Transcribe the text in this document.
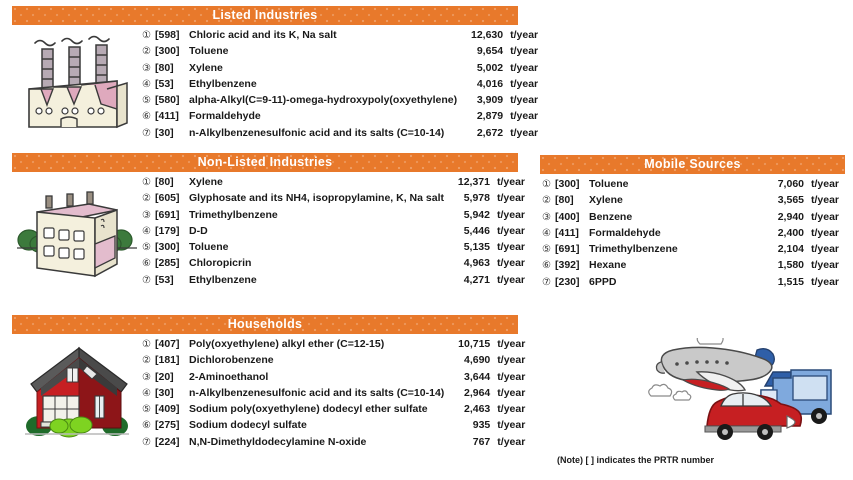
Listed Industries
① [598] Chloric acid and its K, Na salt	12,630 t/year
② [300] Toluene	9,654 t/year
③ [80]	Xylene	5,002 t/year
④ [53]	Ethylbenzene	4,016 t/year
⑤ [580] alpha-Alkyl(C=9-11)-omega-hydroxypoly(oxyethylene)	3,909 t/year
⑥ [411] Formaldehyde	2,879 t/year
⑦ [30]	n-Alkylbenzenesulfonic acid and its salts (C=10-14)	2,672 t/year
Non-Listed Industries
① [80]	Xylene	12,371 t/year
② [605] Glyphosate and its NH4, isopropylamine, K, Na salt	5,978 t/year
③ [691] Trimethylbenzene	5,942 t/year
④ [179] D-D	5,446 t/year
⑤ [300] Toluene	5,135 t/year
⑥ [285] Chloropicrin	4,963 t/year
⑦ [53]	Ethylbenzene	4,271 t/year
Households
① [407] Poly(oxyethylene) alkyl ether (C=12-15)	10,715 t/year
② [181] Dichlorobenzene	4,690 t/year
③ [20]	2-Aminoethanol	3,644 t/year
④ [30]	n-Alkylbenzenesulfonic acid and its salts (C=10-14)	2,964 t/year
⑤ [409] Sodium poly(oxyethylene) dodecyl ether sulfate	2,463 t/year
⑥ [275] Sodium dodecyl sulfate	935 t/year
⑦ [224] N,N-Dimethyldodecylamine N-oxide	767 t/year
Mobile Sources
① [300] Toluene	7,060 t/year
② [80]	Xylene	3,565 t/year
③ [400] Benzene	2,940 t/year
④ [411] Formaldehyde	2,400 t/year
⑤ [691] Trimethylbenzene	2,104 t/year
⑥ [392] Hexane	1,580 t/year
⑦ [230] 6PPD	1,515 t/year
(Note) [ ] indicates the PRTR number
